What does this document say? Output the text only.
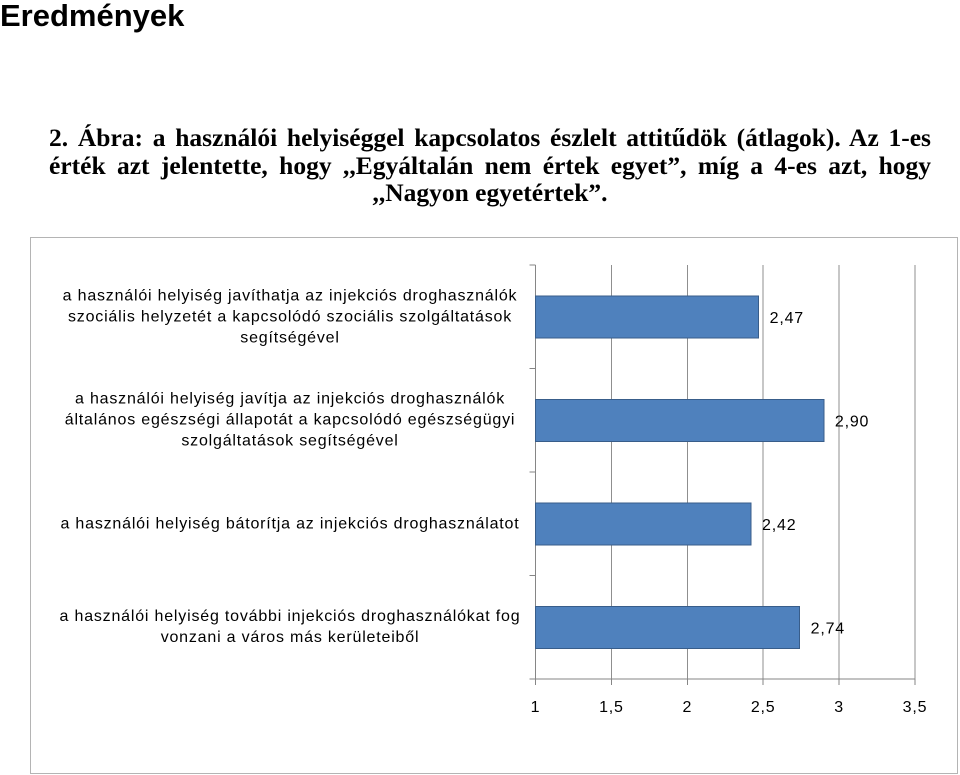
Eredmények
2. Ábra: a használói helyiséggel kapcsolatos észlelt attitűdök (átlagok). Az 1-es
érték azt jelentette, hogy ,,Egyáltalán nem értek egyet”, míg a 4-es azt, hogy
,,Nagyon egyetértek”.
1	1,5	2	2,5	3	3,5
2,47
2,90
2,42
2,74
a használói helyiség javíthatja az injekciós droghasználók
szociális helyzetét a kapcsolódó szociális szolgáltatások
segítségével
a használói helyiség javítja az injekciós droghasználók
általános egészségi állapotát a kapcsolódó egészségügyi
szolgáltatások segítségével
a használói helyiség bátorítja az injekciós droghasználatot
a használói helyiség további injekciós droghasználókat fog
vonzani a város más kerületeiből
